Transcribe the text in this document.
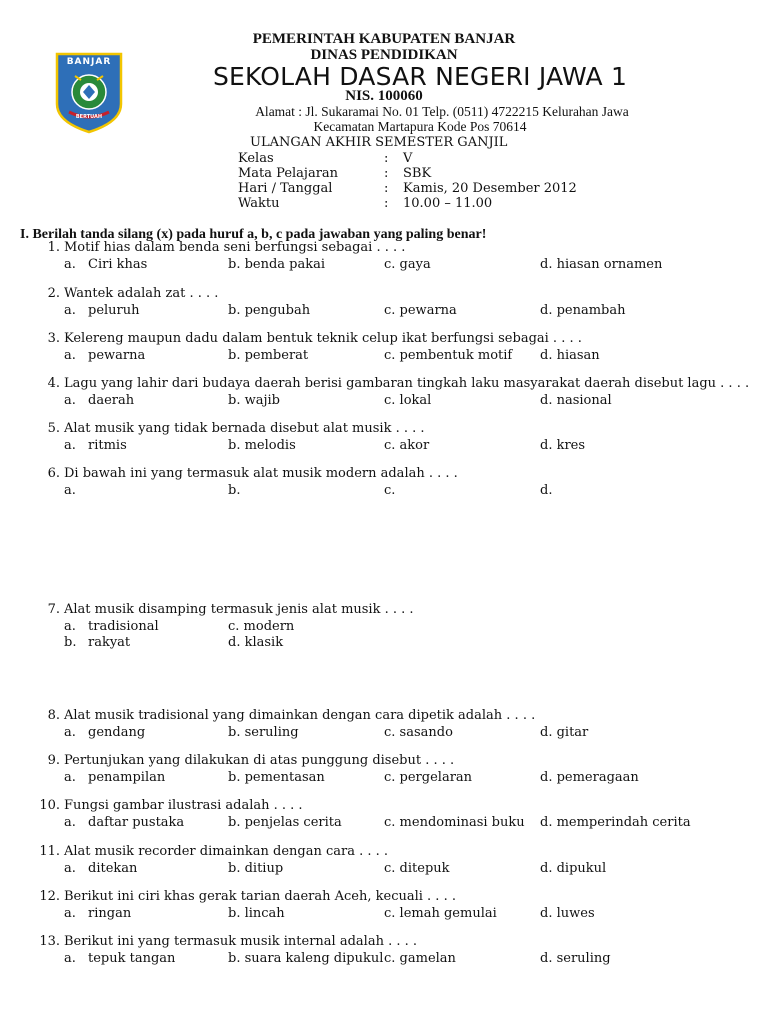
BANJAR
BERTUAH
PEMERINTAH KABUPATEN BANJAR
DINAS PENDIDIKAN
SEKOLAH DASAR NEGERI JAWA 1
NIS. 100060
Alamat : Jl. Sukaramai No. 01 Telp. (0511) 4722215 Kelurahan Jawa
Kecamatan Martapura Kode Pos 70614
ULANGAN AKHIR SEMESTER GANJIL
Kelas	: V
Mata Pelajaran	: SBK
Hari / Tanggal	: Kamis, 20 Desember 2012
Waktu	: 10.00 – 11.00
I. Berilah tanda silang (x) pada huruf a, b, c pada jawaban yang paling benar!
1. Motif hias dalam benda seni berfungsi sebagai . . . .
a. Ciri khas	b. benda pakai	c. gaya	d. hiasan ornamen
2. Wantek adalah zat . . . .
a. peluruh	b. pengubah	c. pewarna	d. penambah
3. Kelereng maupun dadu dalam bentuk teknik celup ikat berfungsi sebagai . . . .
a. pewarna	b. pemberat	c. pembentuk motif d. hiasan
4. Lagu yang lahir dari budaya daerah berisi gambaran tingkah laku masyarakat daerah disebut lagu . . . .
a. daerah	b. wajib	c. lokal	d. nasional
5. Alat musik yang tidak bernada disebut alat musik . . . .
a. ritmis	b. melodis	c. akor	d. kres
6. Di bawah ini yang termasuk alat musik modern adalah . . . .
a.	b.	c.	d.
8. Alat musik tradisional yang dimainkan dengan cara dipetik adalah . . . .
a. gendang	b. seruling	c. sasando	d. gitar
9. Pertunjukan yang dilakukan di atas punggung disebut . . . .
a. penampilan	b. pementasan	c. pergelaran	d. pemeragaan
10. Fungsi gambar ilustrasi adalah . . . .
a. daftar pustaka	b. penjelas cerita	c. mendominasi buku d. memperindah cerita
11. Alat musik recorder dimainkan dengan cara . . . .
a. ditekan	b. ditiup	c. ditepuk	d. dipukul
12. Berikut ini ciri khas gerak tarian daerah Aceh, kecuali . . . .
a. ringan	b. lincah	c. lemah gemulai	d. luwes
13. Berikut ini yang termasuk musik internal adalah . . . .
a. tepuk tangan	b. suara kaleng dipukul c. gamelan	d. seruling
7. Alat musik disamping termasuk jenis alat musik . . . .
a. tradisional	c. modern
b. rakyat	d. klasik
